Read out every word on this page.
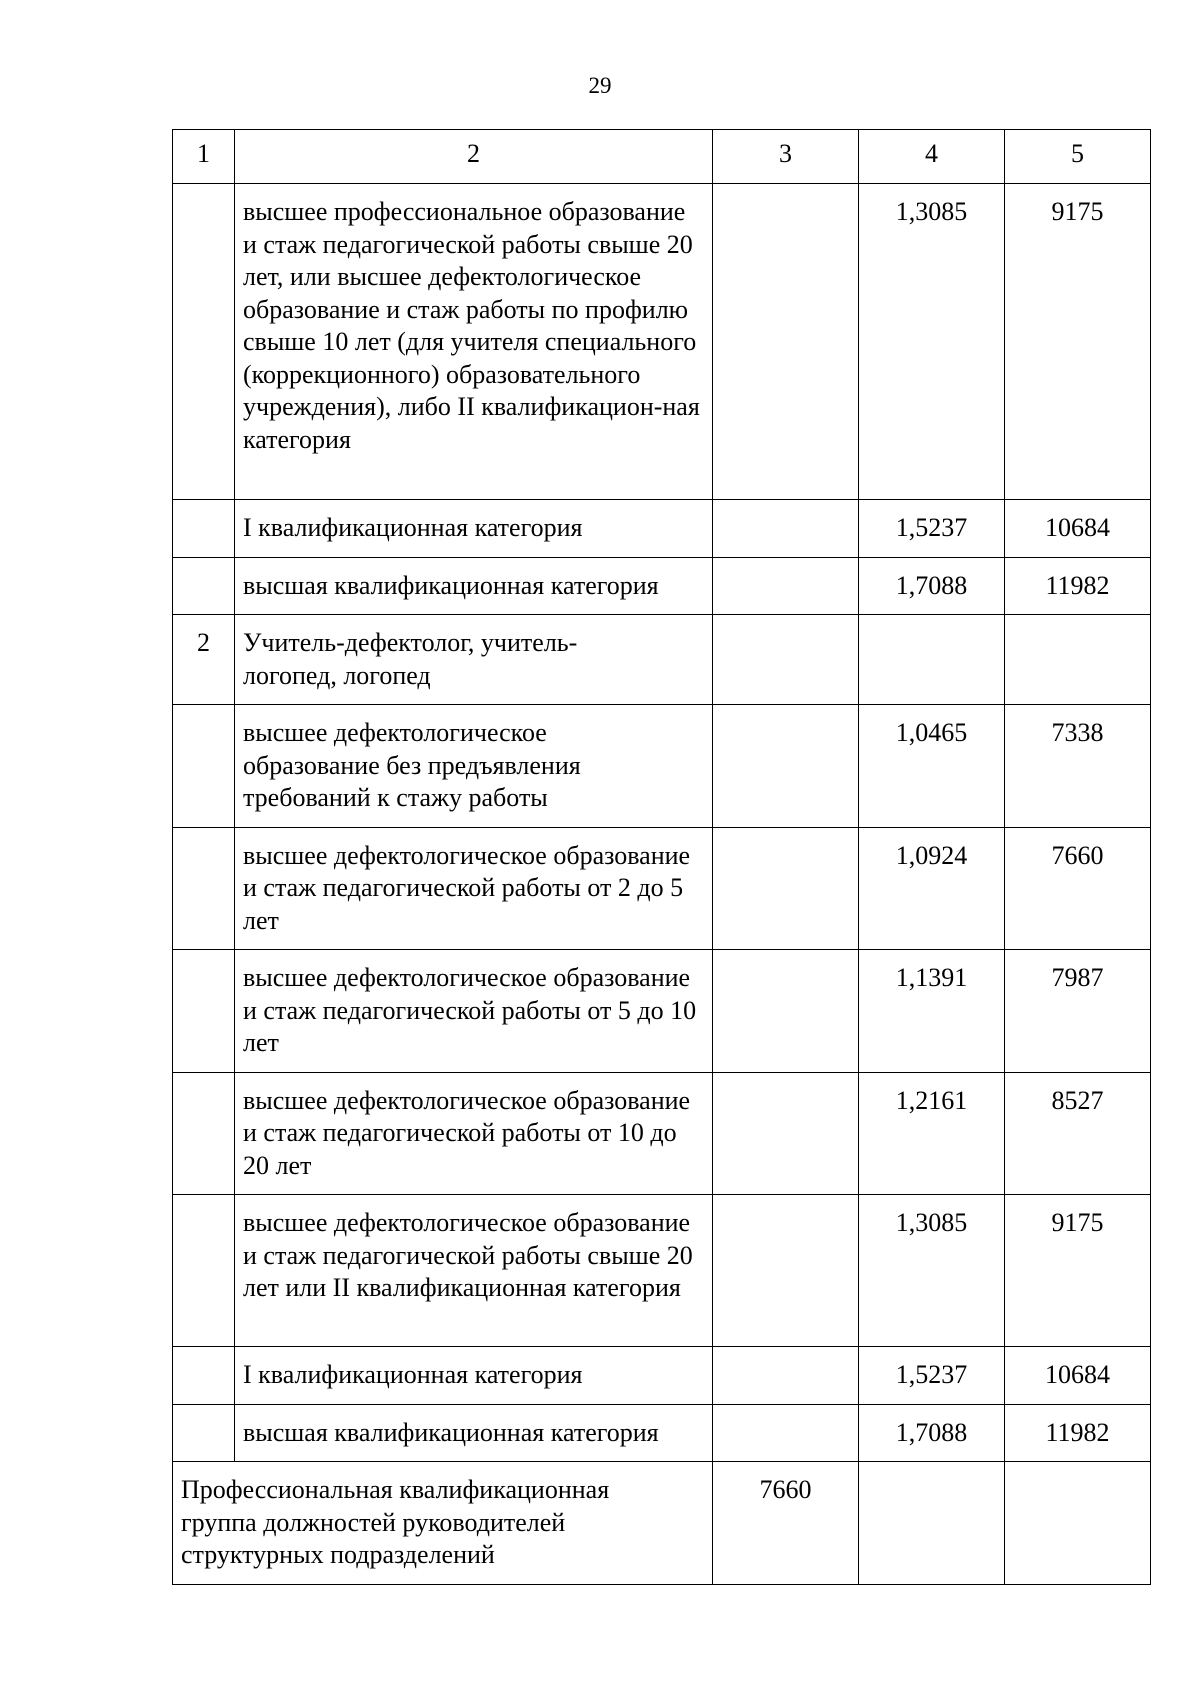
29
1	2	3	4	5
	высшее профессиональное образование и стаж педагогической работы свыше 20 лет, или высшее дефектологическое образование и стаж работы по профилю свыше 10 лет (для учителя специального (коррекционного) образовательного учреждения), либо II квалификацион-ная категория		1,3085	9175
	I квалификационная категория		1,5237	10684
	высшая квалификационная категория		1,7088	11982
2	Учитель-дефектолог, учитель-логопед, логопед			
	высшее дефектологическое образование без предъявления требований к стажу работы		1,0465	7338
	высшее дефектологическое образование и стаж педагогической работы от 2 до 5 лет		1,0924	7660
	высшее дефектологическое образование и стаж педагогической работы от 5 до 10 лет		1,1391	7987
	высшее дефектологическое образование и стаж педагогической работы от 10 до 20 лет		1,2161	8527
	высшее дефектологическое образование и стаж педагогической работы свыше 20 лет или II квалификационная категория		1,3085	9175
	I квалификационная категория		1,5237	10684
	высшая квалификационная категория		1,7088	11982
Профессиональная квалификационная группа должностей руководителей структурных подразделений		7660		
